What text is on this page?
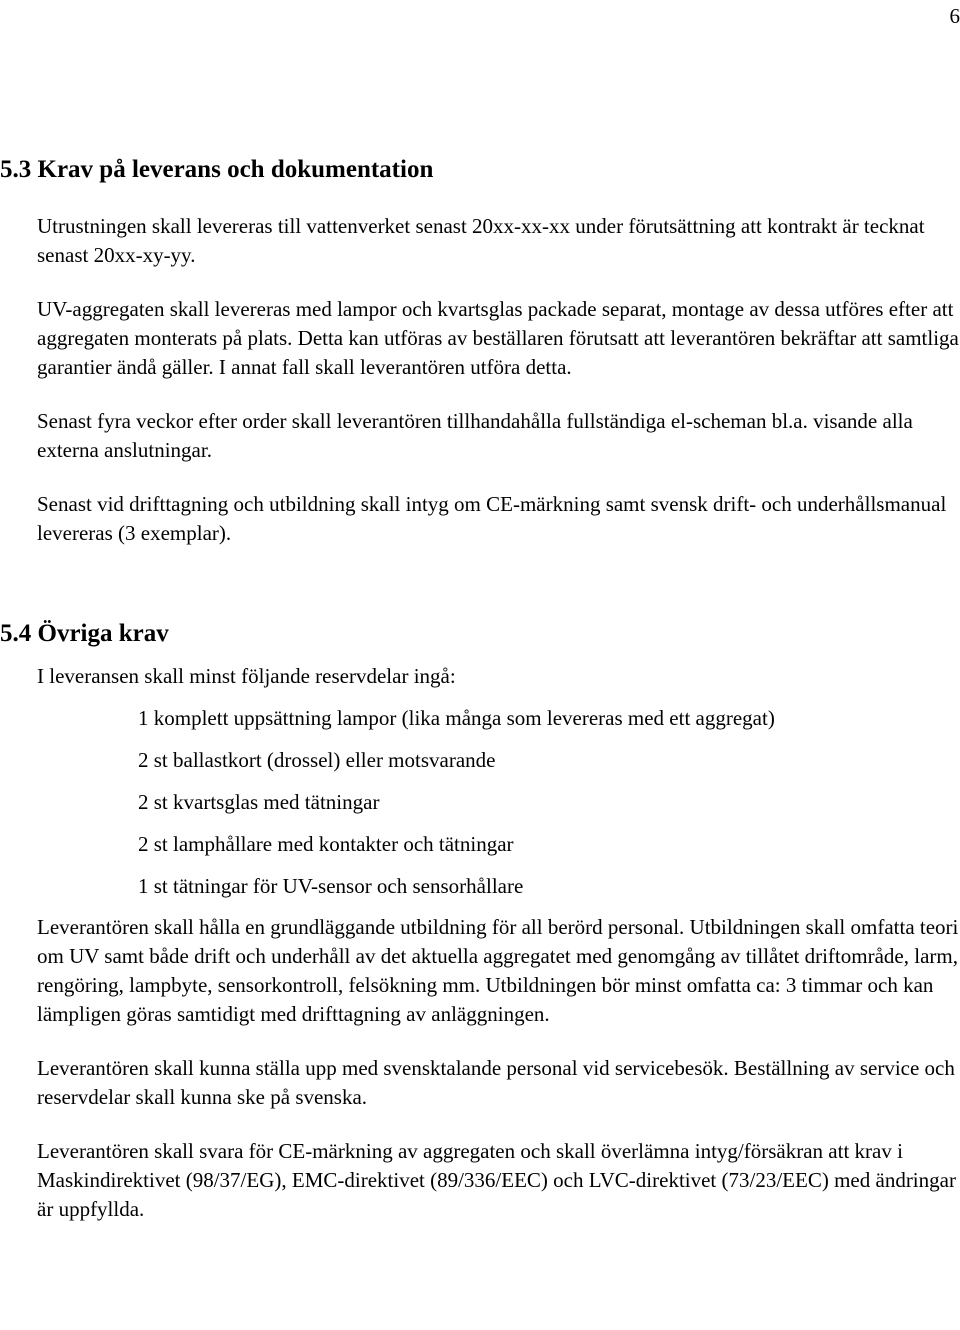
6
5.3 Krav på leverans och dokumentation

Utrustningen skall levereras till vattenverket senast 20xx-xx-xx under förutsättning att kontrakt är tecknat senast 20xx-xy-yy.

UV-aggregaten skall levereras med lampor och kvartsglas packade separat, montage av dessa utföres efter att aggregaten monterats på plats. Detta kan utföras av beställaren förutsatt att leverantören bekräftar att samtliga garantier ändå gäller. I annat fall skall leverantören utföra detta.

Senast fyra veckor efter order skall leverantören tillhandahålla fullständiga el-scheman bl.a. visande alla externa anslutningar.

Senast vid drifttagning och utbildning skall intyg om CE-märkning samt svensk drift- och underhållsmanual levereras (3 exemplar).

5.4 Övriga krav

I leveransen skall minst följande reservdelar ingå:

1 komplett uppsättning lampor (lika många som levereras med ett aggregat)
2 st ballastkort (drossel) eller motsvarande
2 st kvartsglas med tätningar
2 st lamphållare med kontakter och tätningar
1 st tätningar för UV-sensor och sensorhållare

Leverantören skall hålla en grundläggande utbildning för all berörd personal. Utbildningen skall omfatta teori om UV samt både drift och underhåll av det aktuella aggregatet med genomgång av tillåtet driftområde, larm, rengöring, lampbyte, sensorkontroll, felsökning mm. Utbildningen bör minst omfatta ca: 3 timmar och kan lämpligen göras samtidigt med drifttagning av anläggningen.

Leverantören skall kunna ställa upp med svensktalande personal vid servicebesök. Beställning av service och reservdelar skall kunna ske på svenska.

Leverantören skall svara för CE-märkning av aggregaten och skall överlämna intyg/försäkran att krav i Maskindirektivet (98/37/EG), EMC-direktivet (89/336/EEC) och LVC-direktivet (73/23/EEC) med ändringar är uppfyllda.
